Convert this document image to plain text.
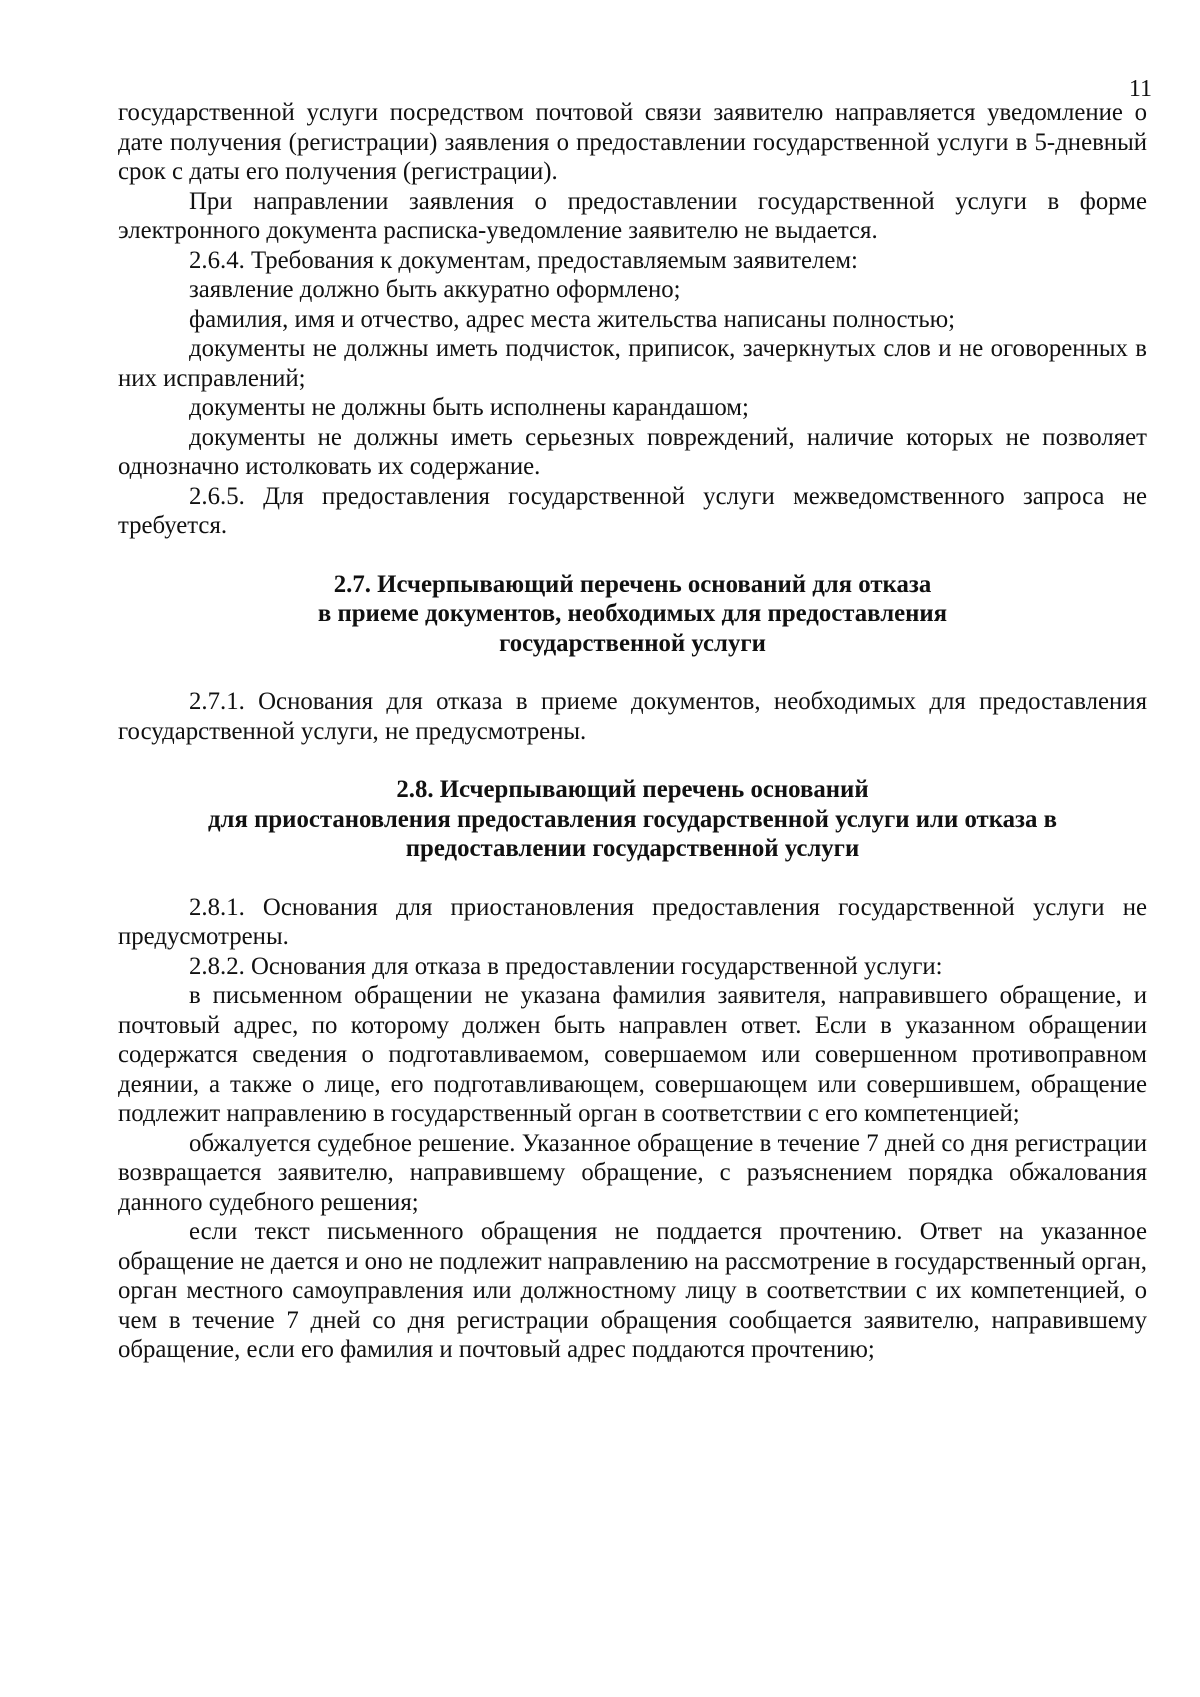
11

государственной услуги посредством почтовой связи заявителю направляется уведомление о дате получения (регистрации) заявления о предоставлении государственной услуги в 5-дневный срок с даты его получения (регистрации).

При направлении заявления о предоставлении государственной услуги в форме электронного документа расписка-уведомление заявителю не выдается.

2.6.4. Требования к документам, предоставляемым заявителем:

заявление должно быть аккуратно оформлено;

фамилия, имя и отчество, адрес места жительства написаны полностью;

документы не должны иметь подчисток, приписок, зачеркнутых слов и не оговоренных в них исправлений;

документы не должны быть исполнены карандашом;

документы не должны иметь серьезных повреждений, наличие которых не позволяет однозначно истолковать их содержание.

2.6.5. Для предоставления государственной услуги межведомственного запроса не требуется.

2.7. Исчерпывающий перечень оснований для отказа
в приеме документов, необходимых для предоставления
государственной услуги

2.7.1. Основания для отказа в приеме документов, необходимых для предоставления государственной услуги, не предусмотрены.

2.8. Исчерпывающий перечень оснований
для приостановления предоставления государственной услуги или отказа в
предоставлении государственной услуги

2.8.1. Основания для приостановления предоставления государственной услуги не предусмотрены.

2.8.2. Основания для отказа в предоставлении государственной услуги:

в письменном обращении не указана фамилия заявителя, направившего обращение, и почтовый адрес, по которому должен быть направлен ответ. Если в указанном обращении содержатся сведения о подготавливаемом, совершаемом или совершенном противоправном деянии, а также о лице, его подготавливающем, совершающем или совершившем, обращение подлежит направлению в государственный орган в соответствии с его компетенцией;

обжалуется судебное решение. Указанное обращение в течение 7 дней со дня регистрации возвращается заявителю, направившему обращение, с разъяснением порядка обжалования данного судебного решения;

если текст письменного обращения не поддается прочтению. Ответ на указанное обращение не дается и оно не подлежит направлению на рассмотрение в государственный орган, орган местного самоуправления или должностному лицу в соответствии с их компетенцией, о чем в течение 7 дней со дня регистрации обращения сообщается заявителю, направившему обращение, если его фамилия и почтовый адрес поддаются прочтению;
